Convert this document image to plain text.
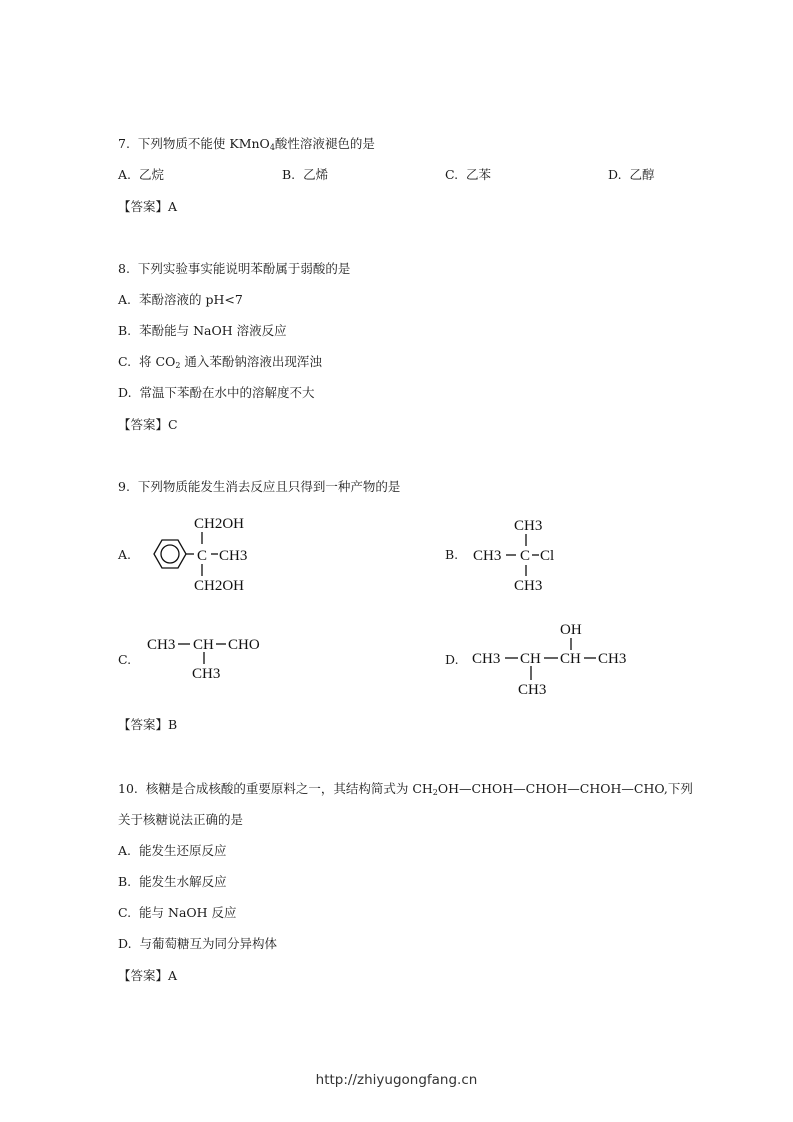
7. 下列物质不能使 KMnO$_4$酸性溶液褪色的是
A. 乙烷	B. 乙烯	C. 乙苯	D. 乙醇
【答案】A
8. 下列实验事实能说明苯酚属于弱酸的是
A. 苯酚溶液的 pH<7
B. 苯酚能与 NaOH 溶液反应
C. 将 $CO_2$ 通入苯酚钠溶液出现浑浊
D. 常温下苯酚在水中的溶解度不大
【答案】C
9. 下列物质能发生消去反应且只得到一种产物的是
A.
CH2OH
C CH3
CH2OH
B.
CH3
CH3 C Cl
CH3
C.
CH3 CH CHO
CH3
D.
OH
CH3 CH CH CH3
CH3
【答案】B
10. 核糖是合成核酸的重要原料之一，其结构简式为 $CH_2OH—CHOH—CHOH—CHOH—CHO$,下列
关于核糖说法正确的是
A. 能发生还原反应
B. 能发生水解反应
C. 能与 NaOH 反应
D. 与葡萄糖互为同分异构体
【答案】A
http://zhiyugongfang.cn
